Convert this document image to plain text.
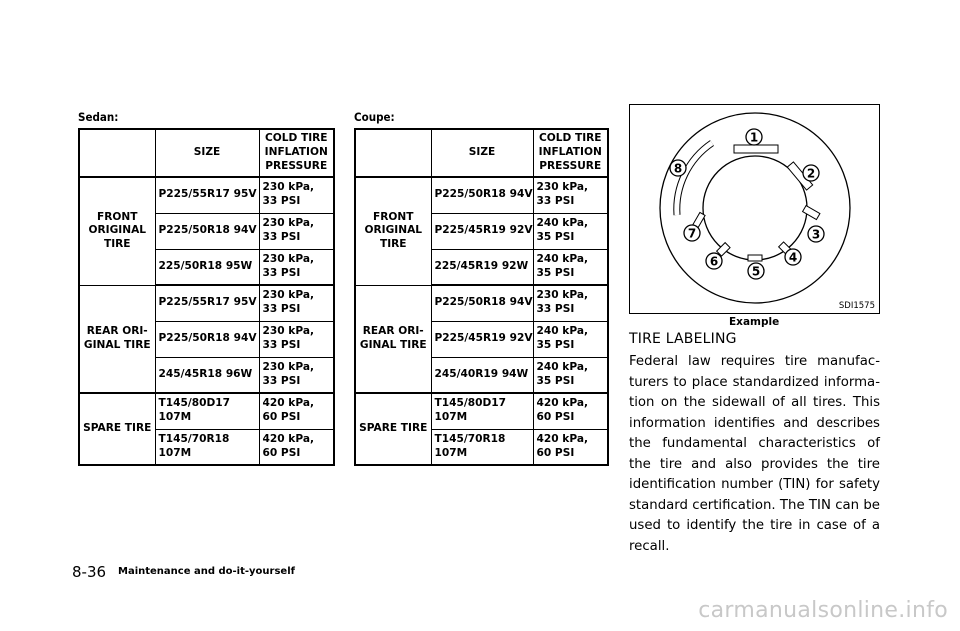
Sedan:
	SIZE	COLD TIRE INFLATION PRESSURE
FRONT ORIGINAL TIRE	P225/55R17 95V	230 kPa, 33 PSI
	P225/50R18 94V	230 kPa, 33 PSI
	225/50R18 95W	230 kPa, 33 PSI
REAR ORI- GINAL TIRE	P225/55R17 95V	230 kPa, 33 PSI
	P225/50R18 94V	230 kPa, 33 PSI
	245/45R18 96W	230 kPa, 33 PSI
SPARE TIRE	T145/80D17 107M	420 kPa, 60 PSI
	T145/70R18 107M	420 kPa, 60 PSI
Coupe:
	SIZE	COLD TIRE INFLATION PRESSURE
FRONT ORIGINAL TIRE	P225/50R18 94V	230 kPa, 33 PSI
	P225/45R19 92V	240 kPa, 35 PSI
	225/45R19 92W	240 kPa, 35 PSI
REAR ORI- GINAL TIRE	P225/50R18 94V	230 kPa, 33 PSI
	P225/45R19 92V	240 kPa, 35 PSI
	245/40R19 94W	240 kPa, 35 PSI
SPARE TIRE	T145/80D17 107M	420 kPa, 60 PSI
	T145/70R18 107M	420 kPa, 60 PSI
1
2
3
4
5
6
7
8
SDI1575
Example
TIRE LABELING
Federal law requires tire manufac-turers to place standardized informa-tion on the sidewall of all tires. This information identifies and describes the fundamental characteristics of the tire and also provides the tire identification number (TIN) for safety standard certification. The TIN can be used to identify the tire in case of a recall.
8-36 Maintenance and do-it-yourself
carmanualsonline.info
